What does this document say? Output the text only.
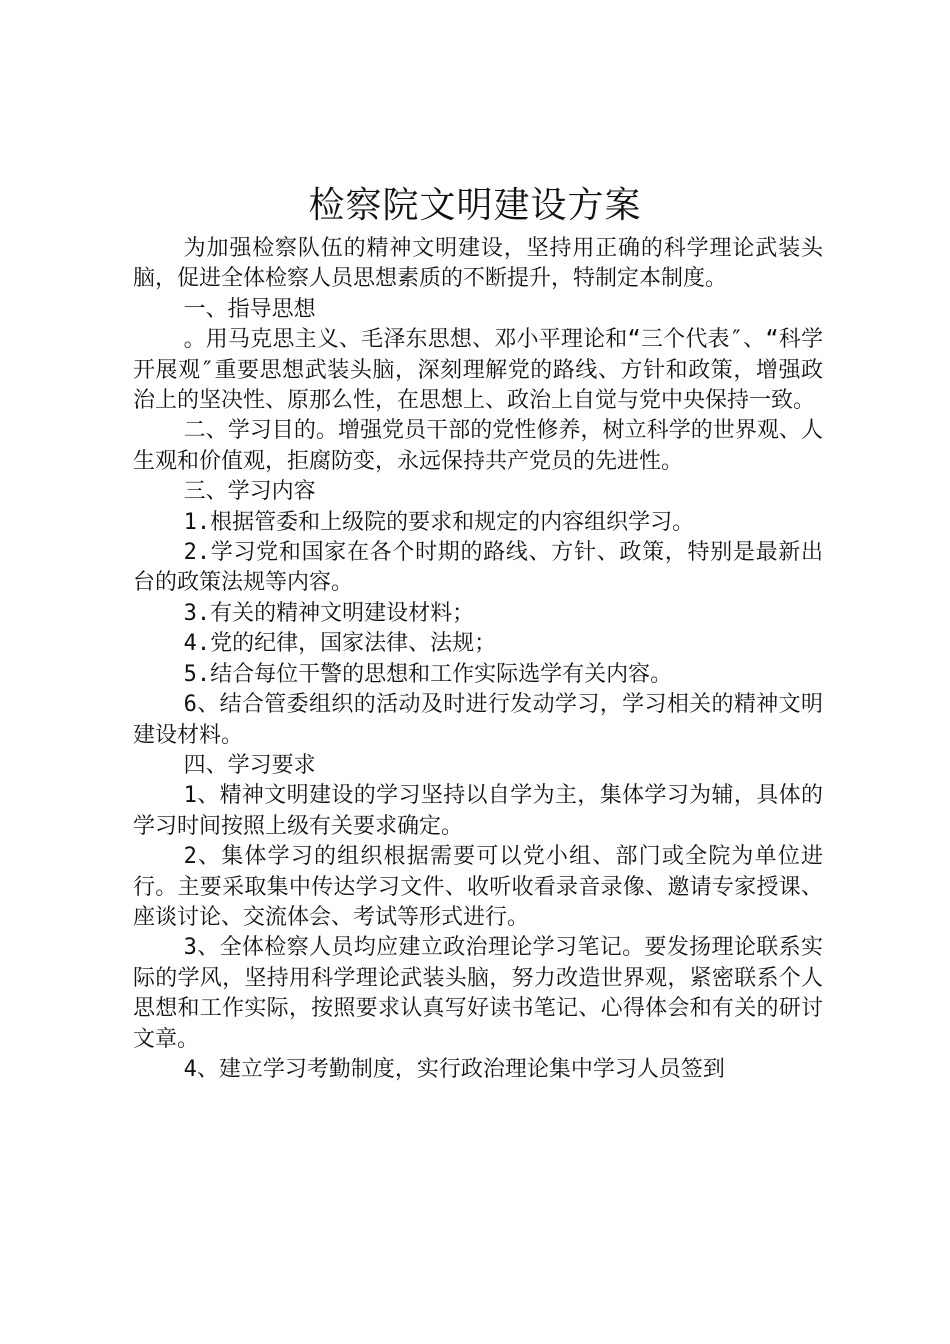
检察院文明建设方案

为加强检察队伍的精神文明建设，坚持用正确的科学理论武装头脑，促进全体检察人员思想素质的不断提升，特制定本制度。

一、指导思想

。用马克思主义、毛泽东思想、邓小平理论和“三个代表″、“科学开展观″重要思想武装头脑，深刻理解党的路线、方针和政策，增强政治上的坚决性、原那么性，在思想上、政治上自觉与党中央保持一致。

二、学习目的。增强党员干部的党性修养，树立科学的世界观、人生观和价值观，拒腐防变，永远保持共产党员的先进性。

三、学习内容

1.根据管委和上级院的要求和规定的内容组织学习。

2.学习党和国家在各个时期的路线、方针、政策，特别是最新出台的政策法规等内容。

3.有关的精神文明建设材料；

4.党的纪律，国家法律、法规；

5.结合每位干警的思想和工作实际选学有关内容。

6、结合管委组织的活动及时进行发动学习，学习相关的精神文明建设材料。

四、学习要求

1、精神文明建设的学习坚持以自学为主，集体学习为辅，具体的学习时间按照上级有关要求确定。

2、集体学习的组织根据需要可以党小组、部门或全院为单位进行。主要采取集中传达学习文件、收听收看录音录像、邀请专家授课、座谈讨论、交流体会、考试等形式进行。

3、全体检察人员均应建立政治理论学习笔记。要发扬理论联系实际的学风，坚持用科学理论武装头脑，努力改造世界观，紧密联系个人思想和工作实际，按照要求认真写好读书笔记、心得体会和有关的研讨文章。

4、建立学习考勤制度，实行政治理论集中学习人员签到
